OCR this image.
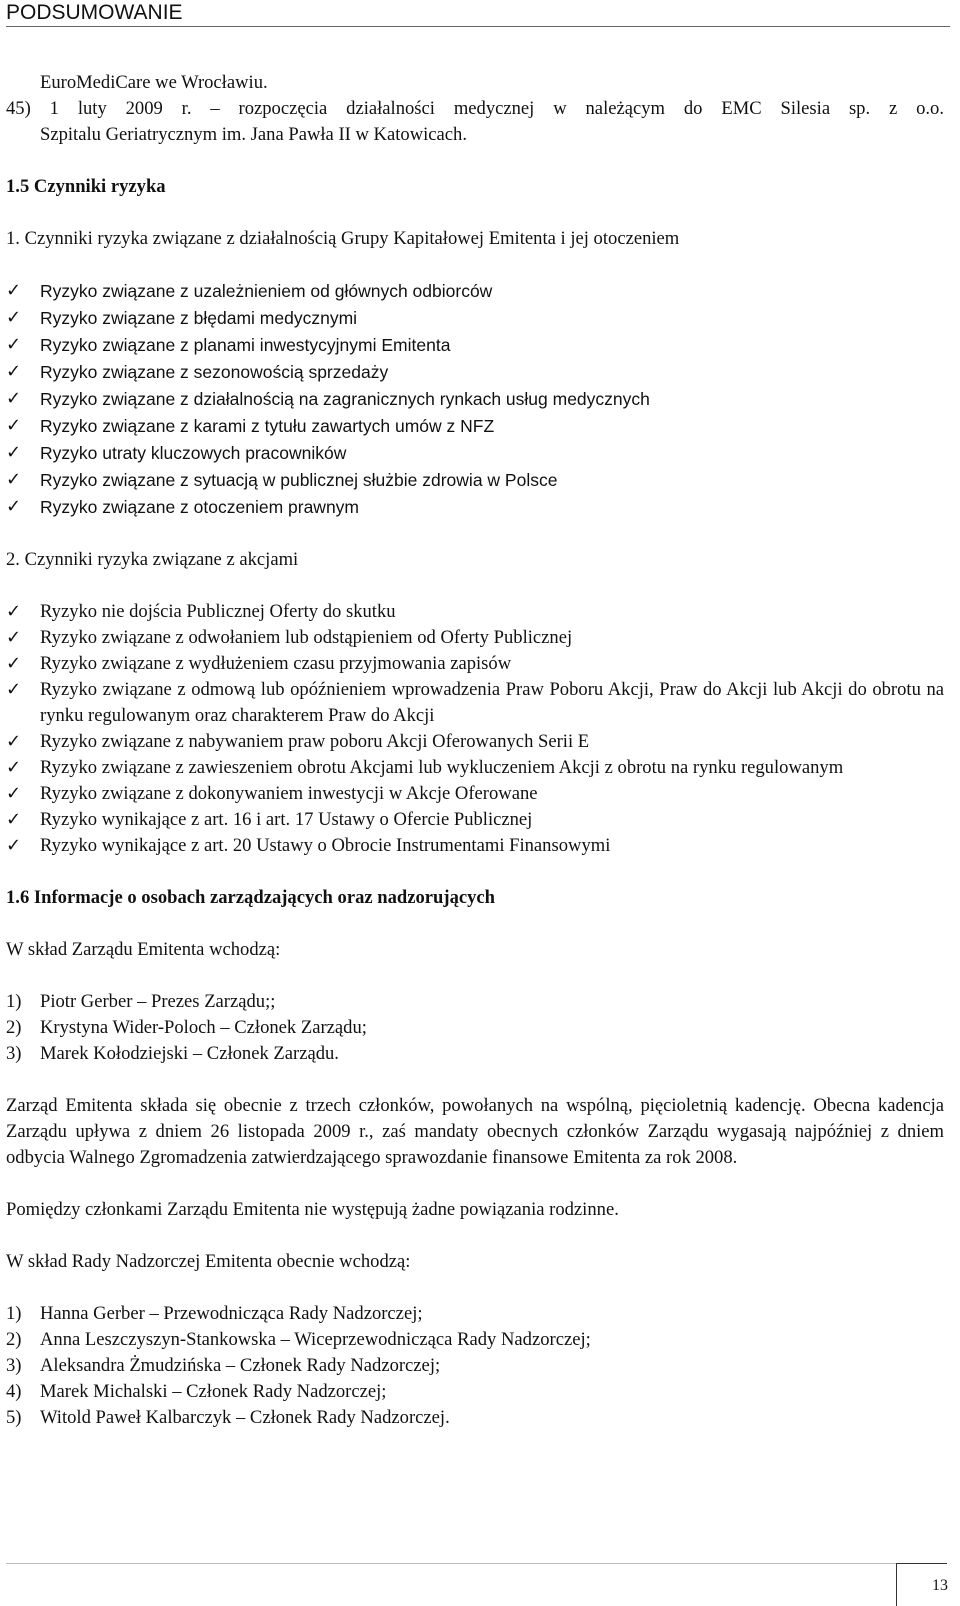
PODSUMOWANIE
EuroMediCare we Wrocławiu.
45) 1 luty 2009 r. – rozpoczęcia działalności medycznej w należącym do EMC Silesia sp. z o.o.
Szpitalu Geriatrycznym im. Jana Pawła II w Katowicach.
1.5 Czynniki ryzyka
1. Czynniki ryzyka związane z działalnością Grupy Kapitałowej Emitenta i jej otoczeniem
✓	Ryzyko związane z uzależnieniem od głównych odbiorców
✓	Ryzyko związane z błędami medycznymi
✓	Ryzyko związane z planami inwestycyjnymi Emitenta
✓	Ryzyko związane z sezonowością sprzedaży
✓	Ryzyko związane z działalnością na zagranicznych rynkach usług medycznych
✓	Ryzyko związane z karami z tytułu zawartych umów z NFZ
✓	Ryzyko utraty kluczowych pracowników
✓	Ryzyko związane z sytuacją w publicznej służbie zdrowia w Polsce
✓	Ryzyko związane z otoczeniem prawnym
2. Czynniki ryzyka związane z akcjami
✓	Ryzyko nie dojścia Publicznej Oferty do skutku
✓	Ryzyko związane z odwołaniem lub odstąpieniem od Oferty Publicznej
✓	Ryzyko związane z wydłużeniem czasu przyjmowania zapisów
✓	Ryzyko związane z odmową lub opóźnieniem wprowadzenia Praw Poboru Akcji, Praw do Akcji lub Akcji do obrotu na rynku regulowanym oraz charakterem Praw do Akcji
✓	Ryzyko związane z nabywaniem praw poboru Akcji Oferowanych Serii E
✓	Ryzyko związane z zawieszeniem obrotu Akcjami lub wykluczeniem Akcji z obrotu na rynku regulowanym
✓	Ryzyko związane z dokonywaniem inwestycji w Akcje Oferowane
✓	Ryzyko wynikające z art. 16 i art. 17 Ustawy o Ofercie Publicznej
✓	Ryzyko wynikające z art. 20 Ustawy o Obrocie Instrumentami Finansowymi
1.6 Informacje o osobach zarządzających oraz nadzorujących
W skład Zarządu Emitenta wchodzą:
1) Piotr Gerber – Prezes Zarządu;;
2) Krystyna Wider-Poloch – Członek Zarządu;
3) Marek Kołodziejski – Członek Zarządu.
Zarząd Emitenta składa się obecnie z trzech członków, powołanych na wspólną, pięcioletnią kadencję. Obecna kadencja Zarządu upływa z dniem 26 listopada 2009 r., zaś mandaty obecnych członków Zarządu wygasają najpóźniej z dniem odbycia Walnego Zgromadzenia zatwierdzającego sprawozdanie finansowe Emitenta za rok 2008.
Pomiędzy członkami Zarządu Emitenta nie występują żadne powiązania rodzinne.
W skład Rady Nadzorczej Emitenta obecnie wchodzą:
1) Hanna Gerber – Przewodnicząca Rady Nadzorczej;
2) Anna Leszczyszyn-Stankowska – Wiceprzewodnicząca Rady Nadzorczej;
3) Aleksandra Żmudzińska – Członek Rady Nadzorczej;
4) Marek Michalski – Członek Rady Nadzorczej;
5) Witold Paweł Kalbarczyk – Członek Rady Nadzorczej.
13
